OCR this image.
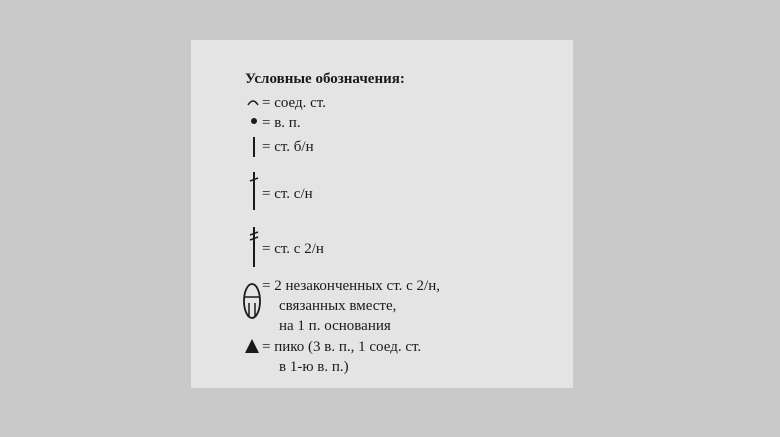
Условные обозначения:
= соед. ст.
= в. п.
= ст. б/н
= ст. с/н
= ст. с 2/н
= 2 незаконченных ст. с 2/н,
связанных вместе,
на 1 п. основания
= пико (3 в. п., 1 соед. ст.
в 1-ю в. п.)
